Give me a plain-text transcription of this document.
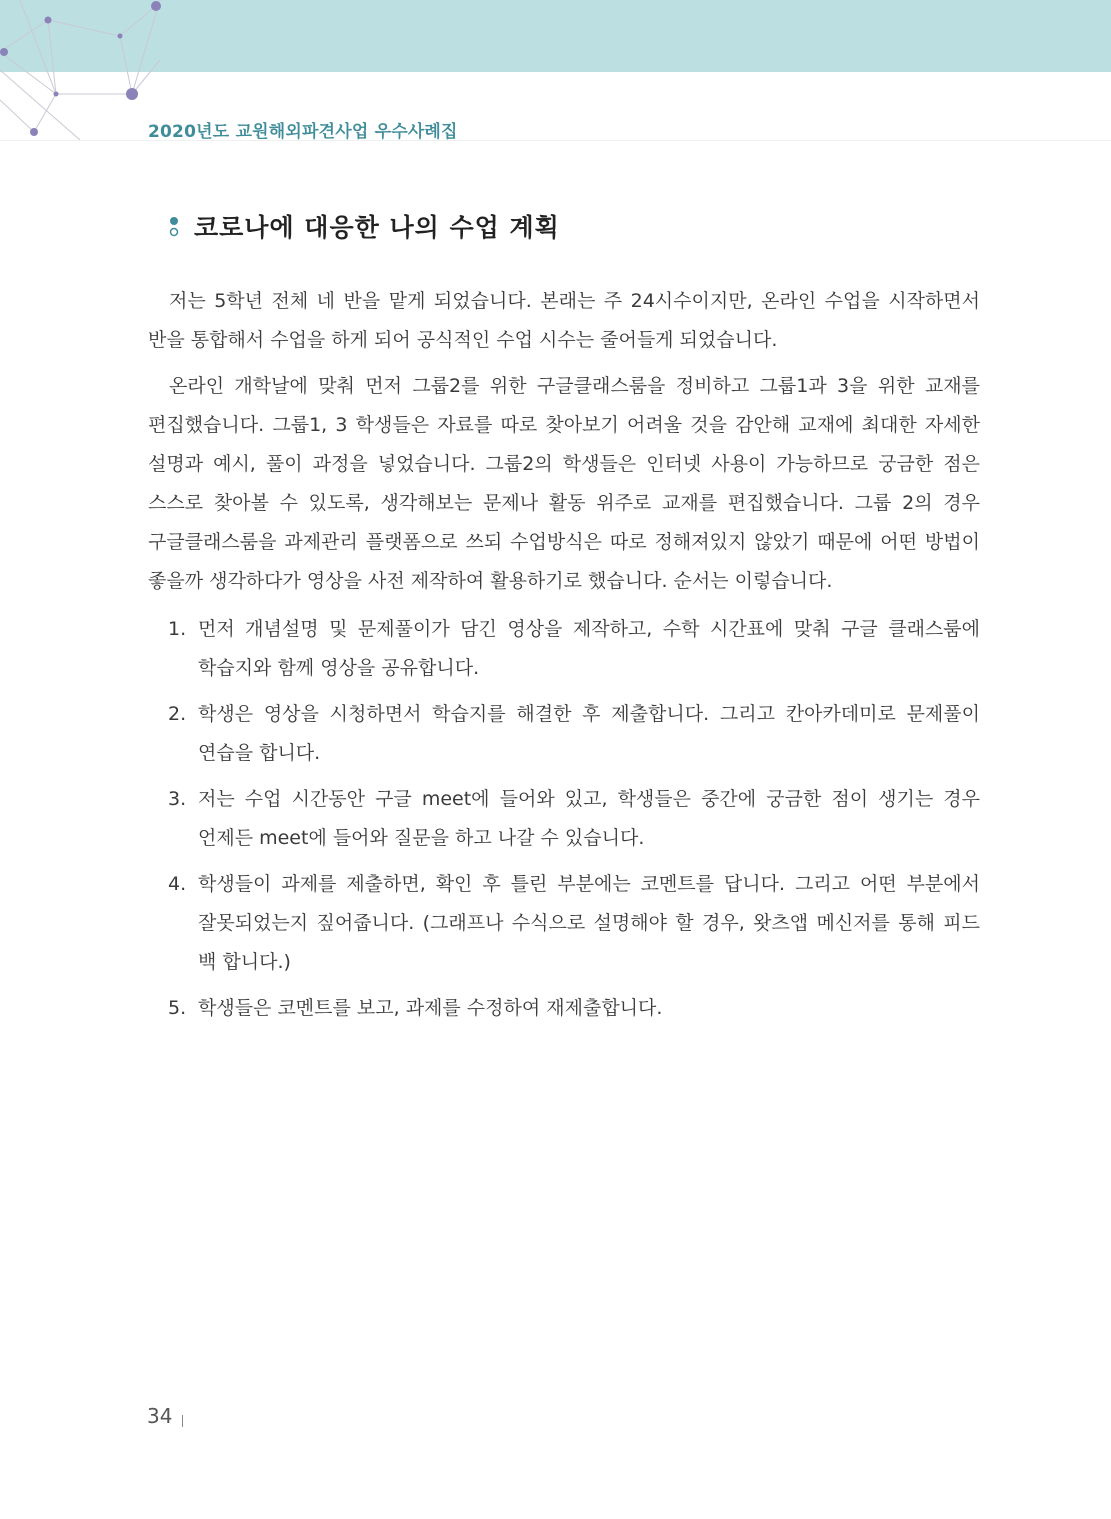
2020년도 교원해외파견사업 우수사례집
코로나에 대응한 나의 수업 계획

저는 5학년 전체 네 반을 맡게 되었습니다. 본래는 주 24시수이지만, 온라인 수업을 시작하면서 반을 통합해서 수업을 하게 되어 공식적인 수업 시수는 줄어들게 되었습니다.

온라인 개학날에 맞춰 먼저 그룹2를 위한 구글클래스룸을 정비하고 그룹1과 3을 위한 교재를 편집했습니다. 그룹1, 3 학생들은 자료를 따로 찾아보기 어려울 것을 감안해 교재에 최대한 자세한 설명과 예시, 풀이 과정을 넣었습니다. 그룹2의 학생들은 인터넷 사용이 가능하므로 궁금한 점은 스스로 찾아볼 수 있도록, 생각해보는 문제나 활동 위주로 교재를 편집했습니다. 그룹 2의 경우 구글클래스룸을 과제관리 플랫폼으로 쓰되 수업방식은 따로 정해져있지 않았기 때문에 어떤 방법이 좋을까 생각하다가 영상을 사전 제작하여 활용하기로 했습니다. 순서는 이렇습니다.

1. 먼저 개념설명 및 문제풀이가 담긴 영상을 제작하고, 수학 시간표에 맞춰 구글 클래스룸에 학습지와 함께 영상을 공유합니다.
2. 학생은 영상을 시청하면서 학습지를 해결한 후 제출합니다. 그리고 칸아카데미로 문제풀이 연습을 합니다.
3. 저는 수업 시간동안 구글 meet에 들어와 있고, 학생들은 중간에 궁금한 점이 생기는 경우 언제든 meet에 들어와 질문을 하고 나갈 수 있습니다.
4. 학생들이 과제를 제출하면, 확인 후 틀린 부분에는 코멘트를 답니다. 그리고 어떤 부분에서 잘못되었는지 짚어줍니다. (그래프나 수식으로 설명해야 할 경우, 왓츠앱 메신저를 통해 피드 백 합니다.)
5. 학생들은 코멘트를 보고, 과제를 수정하여 재제출합니다.
34
